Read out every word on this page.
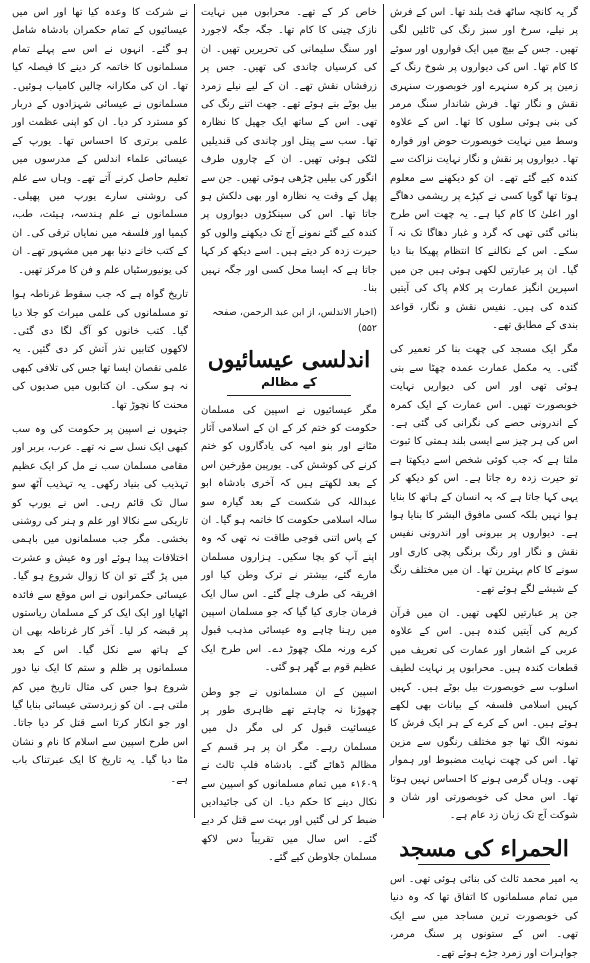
گر یہ کانچہ ساٹھ فٹ بلند تھا۔ اس کے فرش پر نیلے، سرخ اور سبز رنگ کی ٹائلیں لگی تھیں۔ جس کے بیچ میں ایک فواروں اور سوئے کا کام تھا۔ اس کی دیواروں پر شوخ رنگ کے زمین پر کرہ سنہرے اور خوبصورت سنہری نقش و نگار تھا۔ فرش شاندار سنگ مرمر کی بنی ہوئی سلوں کا تھا۔ اس کے علاوہ وسط میں نہایت خوبصورت حوض اور فوارہ تھا۔ دیواروں پر نقش و نگار نہایت نزاکت سے کندہ کیے گئے تھے۔ ان کو دیکھنے سے معلوم ہوتا تھا گویا کسی نے کپڑے پر ریشمی دھاگے اور اعلیٰ کا کام کیا ہے۔ یہ چھت اس طرح بنائی گئی تھی کہ گرد و غبار دھاگا تک نہ آ سکے۔ اس کے نکالنے کا انتظام پھیکا بنا دیا گیا۔ ان پر عبارتیں لکھی ہوئی ہیں جن میں اسپرین انگیز عمارت پر کلام پاک کی آیتیں کندہ کی ہیں۔ نفیس نقش و نگار، قواعد بندی کے مطابق تھے۔

مگر ایک مسجد کی چھت بنا کر تعمیر کی گئی۔ یہ مکمل عمارت عمدہ چھٹا سے بنی ہوئی تھی اور اس کی دیواریں نہایت خوبصورت تھیں۔ اس عمارت کے ایک کمرہ کے اندرونی حصے کی نگرانی کی گئی ہے۔ اس کی ہر چیز سے ایسی بلند ہمتی کا ثبوت ملتا ہے کہ جب کوئی شخص اسے دیکھتا ہے تو حیرت زدہ رہ جاتا ہے۔ اس کو دیکھ کر یہی کہا جاتا ہے کہ یہ انسان کے ہاتھ کا بنایا ہوا نہیں بلکہ کسی مافوق البشر کا بنایا ہوا ہے۔ دیواروں پر بیرونی اور اندرونی نفیس نقش و نگار اور رنگ برنگی پچی کاری اور سونے کا کام بہترین تھا۔ ان میں مختلف رنگ کے شیشے لگے ہوئے تھے۔

جن پر عبارتیں لکھی تھیں۔ ان میں قرآن کریم کی آیتیں کندہ ہیں۔ اس کے علاوہ عربی کے اشعار اور عمارت کی تعریف میں قطعات کندہ ہیں۔ محرابوں پر نہایت لطیف اسلوب سے خوبصورت بیل بوٹے ہیں۔ کہیں کہیں اسلامی فلسفہ کے بیانات بھی لکھے ہوئے ہیں۔ اس کے کرے کے ہر ایک فرش کا نمونہ الگ تھا جو مختلف رنگوں سے مزین تھا۔ اس کی چھت نہایت مضبوط اور ہموار تھی۔ وہاں گرمی ہونے کا احساس نہیں ہوتا تھا۔ اس محل کی خوبصورتی اور شان و شوکت آج تک زبان زد عام ہے۔

الحمراء کی مسجد

یہ امیر محمد ثالث کی بنائی ہوئی تھی۔ اس میں تمام مسلمانوں کا اتفاق تھا کہ وہ دنیا کی خوبصورت ترین مساجد میں سے ایک تھی۔ اس کے ستونوں پر سنگ مرمر، جواہرات اور زمرد جڑے ہوئے تھے۔

خاص کر کے تھے۔ محرابوں میں نہایت نازک چینی کا کام تھا۔ جگہ جگہ لاجورد اور سنگ سلیمانی کی تحریریں تھیں۔ ان کی کرسیاں چاندی کی تھیں۔ جس پر زرفشاں نقش تھے۔ ان کے لیے نیلے زمرد بیل بوٹے بنے ہوئے تھے۔ جھت اتنے رنگ کی تھی۔ اس کے ساتھ ایک جھیل کا نظارہ تھا۔ سب سے پیتل اور چاندی کی قندیلیں لٹکی ہوئی تھیں۔ ان کے چاروں طرف انگور کی بیلیں چڑھی ہوئی تھیں۔ جن سے پھل کے وقت یہ نظارہ اور بھی دلکش ہو جاتا تھا۔ اس کی سینکڑوں دیواروں پر کندہ کیے گئے نمونے آج تک دیکھنے والوں کو حیرت زدہ کر دیتے ہیں۔ اسے دیکھ کر کہا جاتا ہے کہ ایسا محل کسی اور جگہ نہیں بنا۔

(اخبار الاندلس، از ابن عبد الرحمن، صفحہ ۵۵۲)

اندلسی عیسائیوں
کے مظالم

مگر عیسائیوں نے اسپین کی مسلمان حکومت کو ختم کر کے ان کے اسلامی آثار مٹانے اور بنو امیہ کی یادگاروں کو ختم کرنے کی کوشش کی۔ یورپین مؤرخین اس کے بعد لکھتے ہیں کہ آخری بادشاہ ابو عبداللہ کی شکست کے بعد گیارہ سو سالہ اسلامی حکومت کا خاتمہ ہو گیا۔ ان کے پاس اتنی فوجی طاقت نہ تھی کہ وہ اپنے آپ کو بچا سکیں۔ ہزاروں مسلمان مارے گئے، بیشتر نے ترک وطن کیا اور افریقہ کی طرف چلے گئے۔ اس سال ایک فرمان جاری کیا گیا کہ جو مسلمان اسپین میں رہنا چاہے وہ عیسائی مذہب قبول کرے ورنہ ملک چھوڑ دے۔ اس طرح ایک عظیم قوم بے گھر ہو گئی۔

اسپین کے ان مسلمانوں نے جو وطن چھوڑنا نہ چاہتے تھے ظاہری طور پر عیسائیت قبول کر لی مگر دل میں مسلمان رہے۔ مگر ان پر ہر قسم کے مظالم ڈھائے گئے۔ بادشاہ فلپ ثالث نے ۱۶۰۹ء میں تمام مسلمانوں کو اسپین سے نکال دینے کا حکم دیا۔ ان کی جائیدادیں ضبط کر لی گئیں اور بہت سے قتل کر دیے گئے۔ اس سال میں تقریباً دس لاکھ مسلمان جلاوطن کیے گئے۔

نے شرکت کا وعدہ کیا تھا اور اس میں عیسائیوں کے تمام حکمران بادشاہ شامل ہو گئے۔ انہوں نے اس سے پہلے تمام مسلمانوں کا خاتمہ کر دینے کا فیصلہ کیا تھا۔ ان کی مکارانہ چالیں کامیاب ہوئیں۔ مسلمانوں نے عیسائی شہزادوں کے دربار کو مسترد کر دیا۔ ان کو اپنی عظمت اور علمی برتری کا احساس تھا۔ یورپ کے عیسائی علماء اندلس کے مدرسوں میں تعلیم حاصل کرنے آتے تھے۔ وہاں سے علم کی روشنی سارے یورپ میں پھیلی۔ مسلمانوں نے علم ہندسہ، ہیئت، طب، کیمیا اور فلسفہ میں نمایاں ترقی کی۔ ان کے کتب خانے دنیا بھر میں مشہور تھے۔ ان کی یونیورسٹیاں علم و فن کا مرکز تھیں۔

تاریخ گواہ ہے کہ جب سقوط غرناطہ ہوا تو مسلمانوں کی علمی میراث کو جلا دیا گیا۔ کتب خانوں کو آگ لگا دی گئی۔ لاکھوں کتابیں نذر آتش کر دی گئیں۔ یہ علمی نقصان ایسا تھا جس کی تلافی کبھی نہ ہو سکی۔ ان کتابوں میں صدیوں کی محنت کا نچوڑ تھا۔

جنہوں نے اسپین پر حکومت کی وہ سب کبھی ایک نسل سے نہ تھے۔ عرب، بربر اور مقامی مسلمان سب نے مل کر ایک عظیم تہذیب کی بنیاد رکھی۔ یہ تہذیب آٹھ سو سال تک قائم رہی۔ اس نے یورپ کو تاریکی سے نکالا اور علم و ہنر کی روشنی بخشی۔ مگر جب مسلمانوں میں باہمی اختلافات پیدا ہوئے اور وہ عیش و عشرت میں پڑ گئے تو ان کا زوال شروع ہو گیا۔ عیسائی حکمرانوں نے اس موقع سے فائدہ اٹھایا اور ایک ایک کر کے مسلمان ریاستوں پر قبضہ کر لیا۔ آخر کار غرناطہ بھی ان کے ہاتھ سے نکل گیا۔ اس کے بعد مسلمانوں پر ظلم و ستم کا ایک نیا دور شروع ہوا جس کی مثال تاریخ میں کم ملتی ہے۔ ان کو زبردستی عیسائی بنایا گیا اور جو انکار کرتا اسے قتل کر دیا جاتا۔ اس طرح اسپین سے اسلام کا نام و نشان مٹا دیا گیا۔ یہ تاریخ کا ایک عبرتناک باب ہے۔
